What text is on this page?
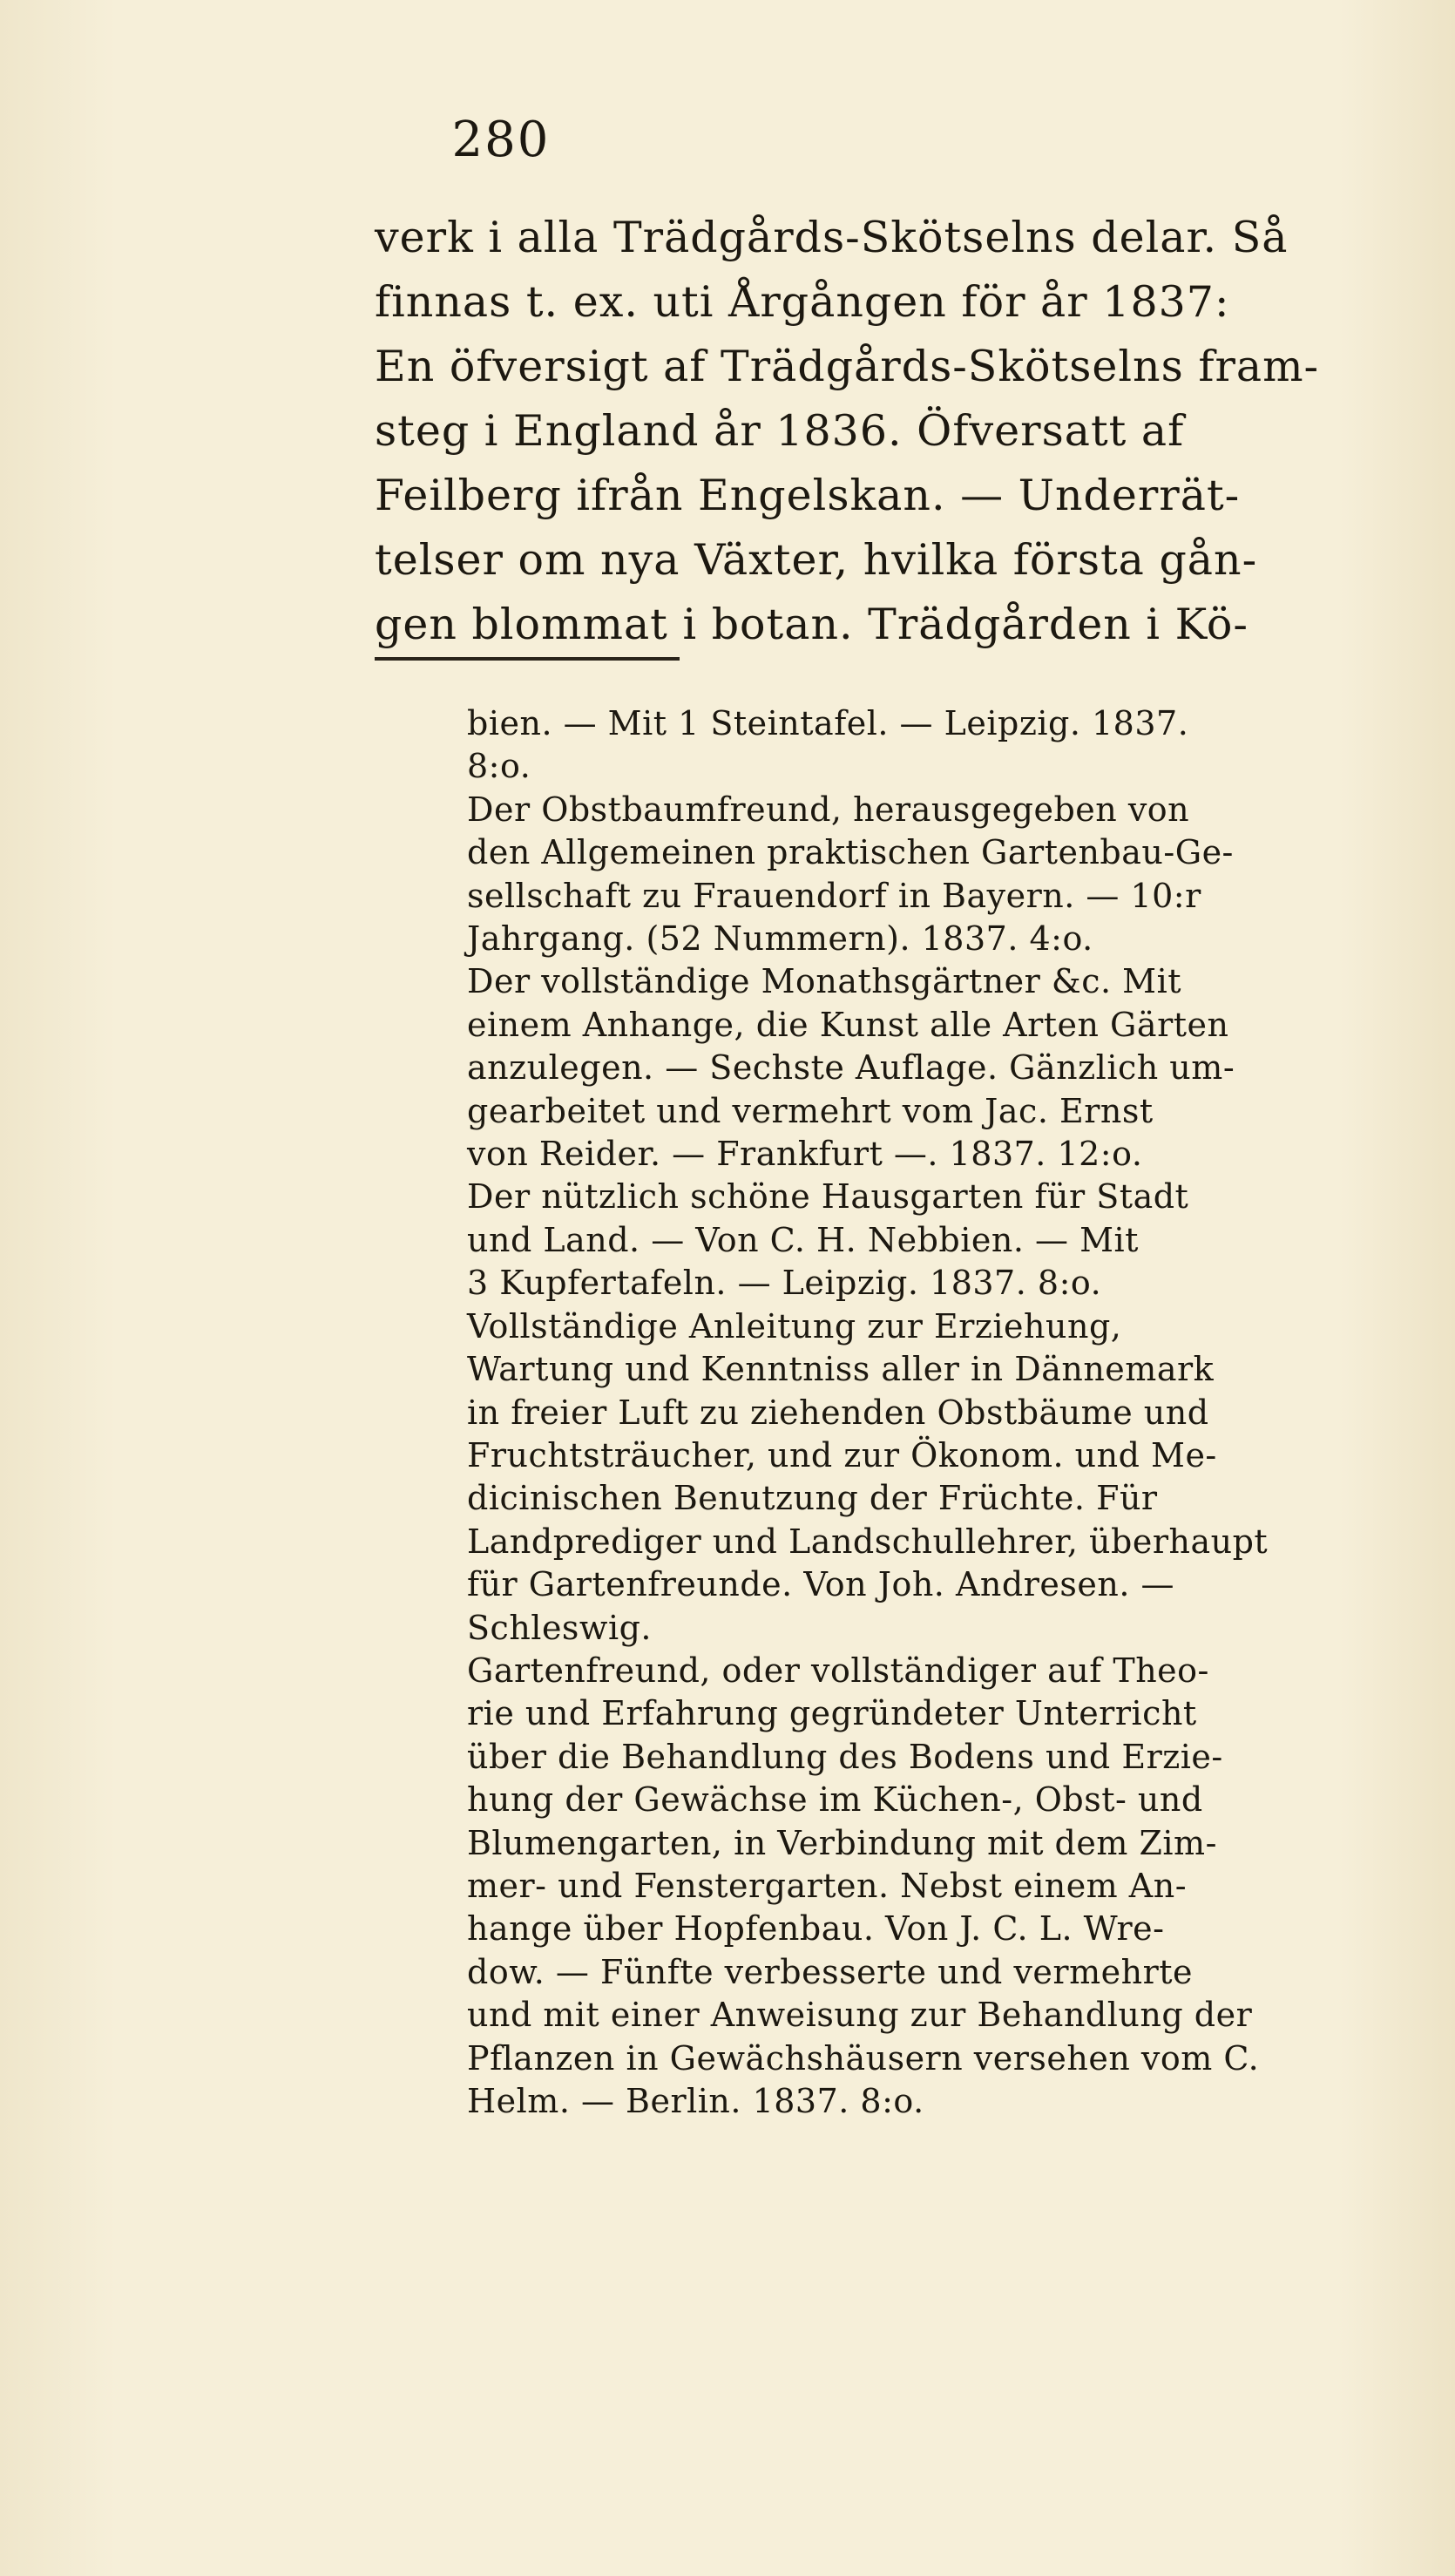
280
verk i alla Trädgårds-Skötselns delar. Så
finnas t. ex. uti Årgången för år 1837:
En öfversigt af Trädgårds-Skötselns fram-
steg i England år 1836. Öfversatt af
Feilberg ifrån Engelskan. — Underrät-
telser om nya Växter, hvilka första gån-
gen blommat i botan. Trädgården i Kö-
bien. — Mit 1 Steintafel. — Leipzig. 1837.
8:o.
Der Obstbaumfreund, herausgegeben von
den Allgemeinen praktischen Gartenbau-Ge-
sellschaft zu Frauendorf in Bayern. — 10:r
Jahrgang. (52 Nummern). 1837. 4:o.
Der vollständige Monathsgärtner &c. Mit
einem Anhange, die Kunst alle Arten Gärten
anzulegen. — Sechste Auflage. Gänzlich um-
gearbeitet und vermehrt vom Jac. Ernst
von Reider. — Frankfurt —. 1837. 12:o.
Der nützlich schöne Hausgarten für Stadt
und Land. — Von C. H. Nebbien. — Mit
3 Kupfertafeln. — Leipzig. 1837. 8:o.
Vollständige Anleitung zur Erziehung,
Wartung und Kenntniss aller in Dännemark
in freier Luft zu ziehenden Obstbäume und
Fruchtsträucher, und zur Ökonom. und Me-
dicinischen Benutzung der Früchte. Für
Landprediger und Landschullehrer, überhaupt
für Gartenfreunde. Von Joh. Andresen. —
Schleswig.
Gartenfreund, oder vollständiger auf Theo-
rie und Erfahrung gegründeter Unterricht
über die Behandlung des Bodens und Erzie-
hung der Gewächse im Küchen-, Obst- und
Blumengarten, in Verbindung mit dem Zim-
mer- und Fenstergarten. Nebst einem An-
hange über Hopfenbau. Von J. C. L. Wre-
dow. — Fünfte verbesserte und vermehrte
und mit einer Anweisung zur Behandlung der
Pflanzen in Gewächshäusern versehen vom C.
Helm. — Berlin. 1837. 8:o.
